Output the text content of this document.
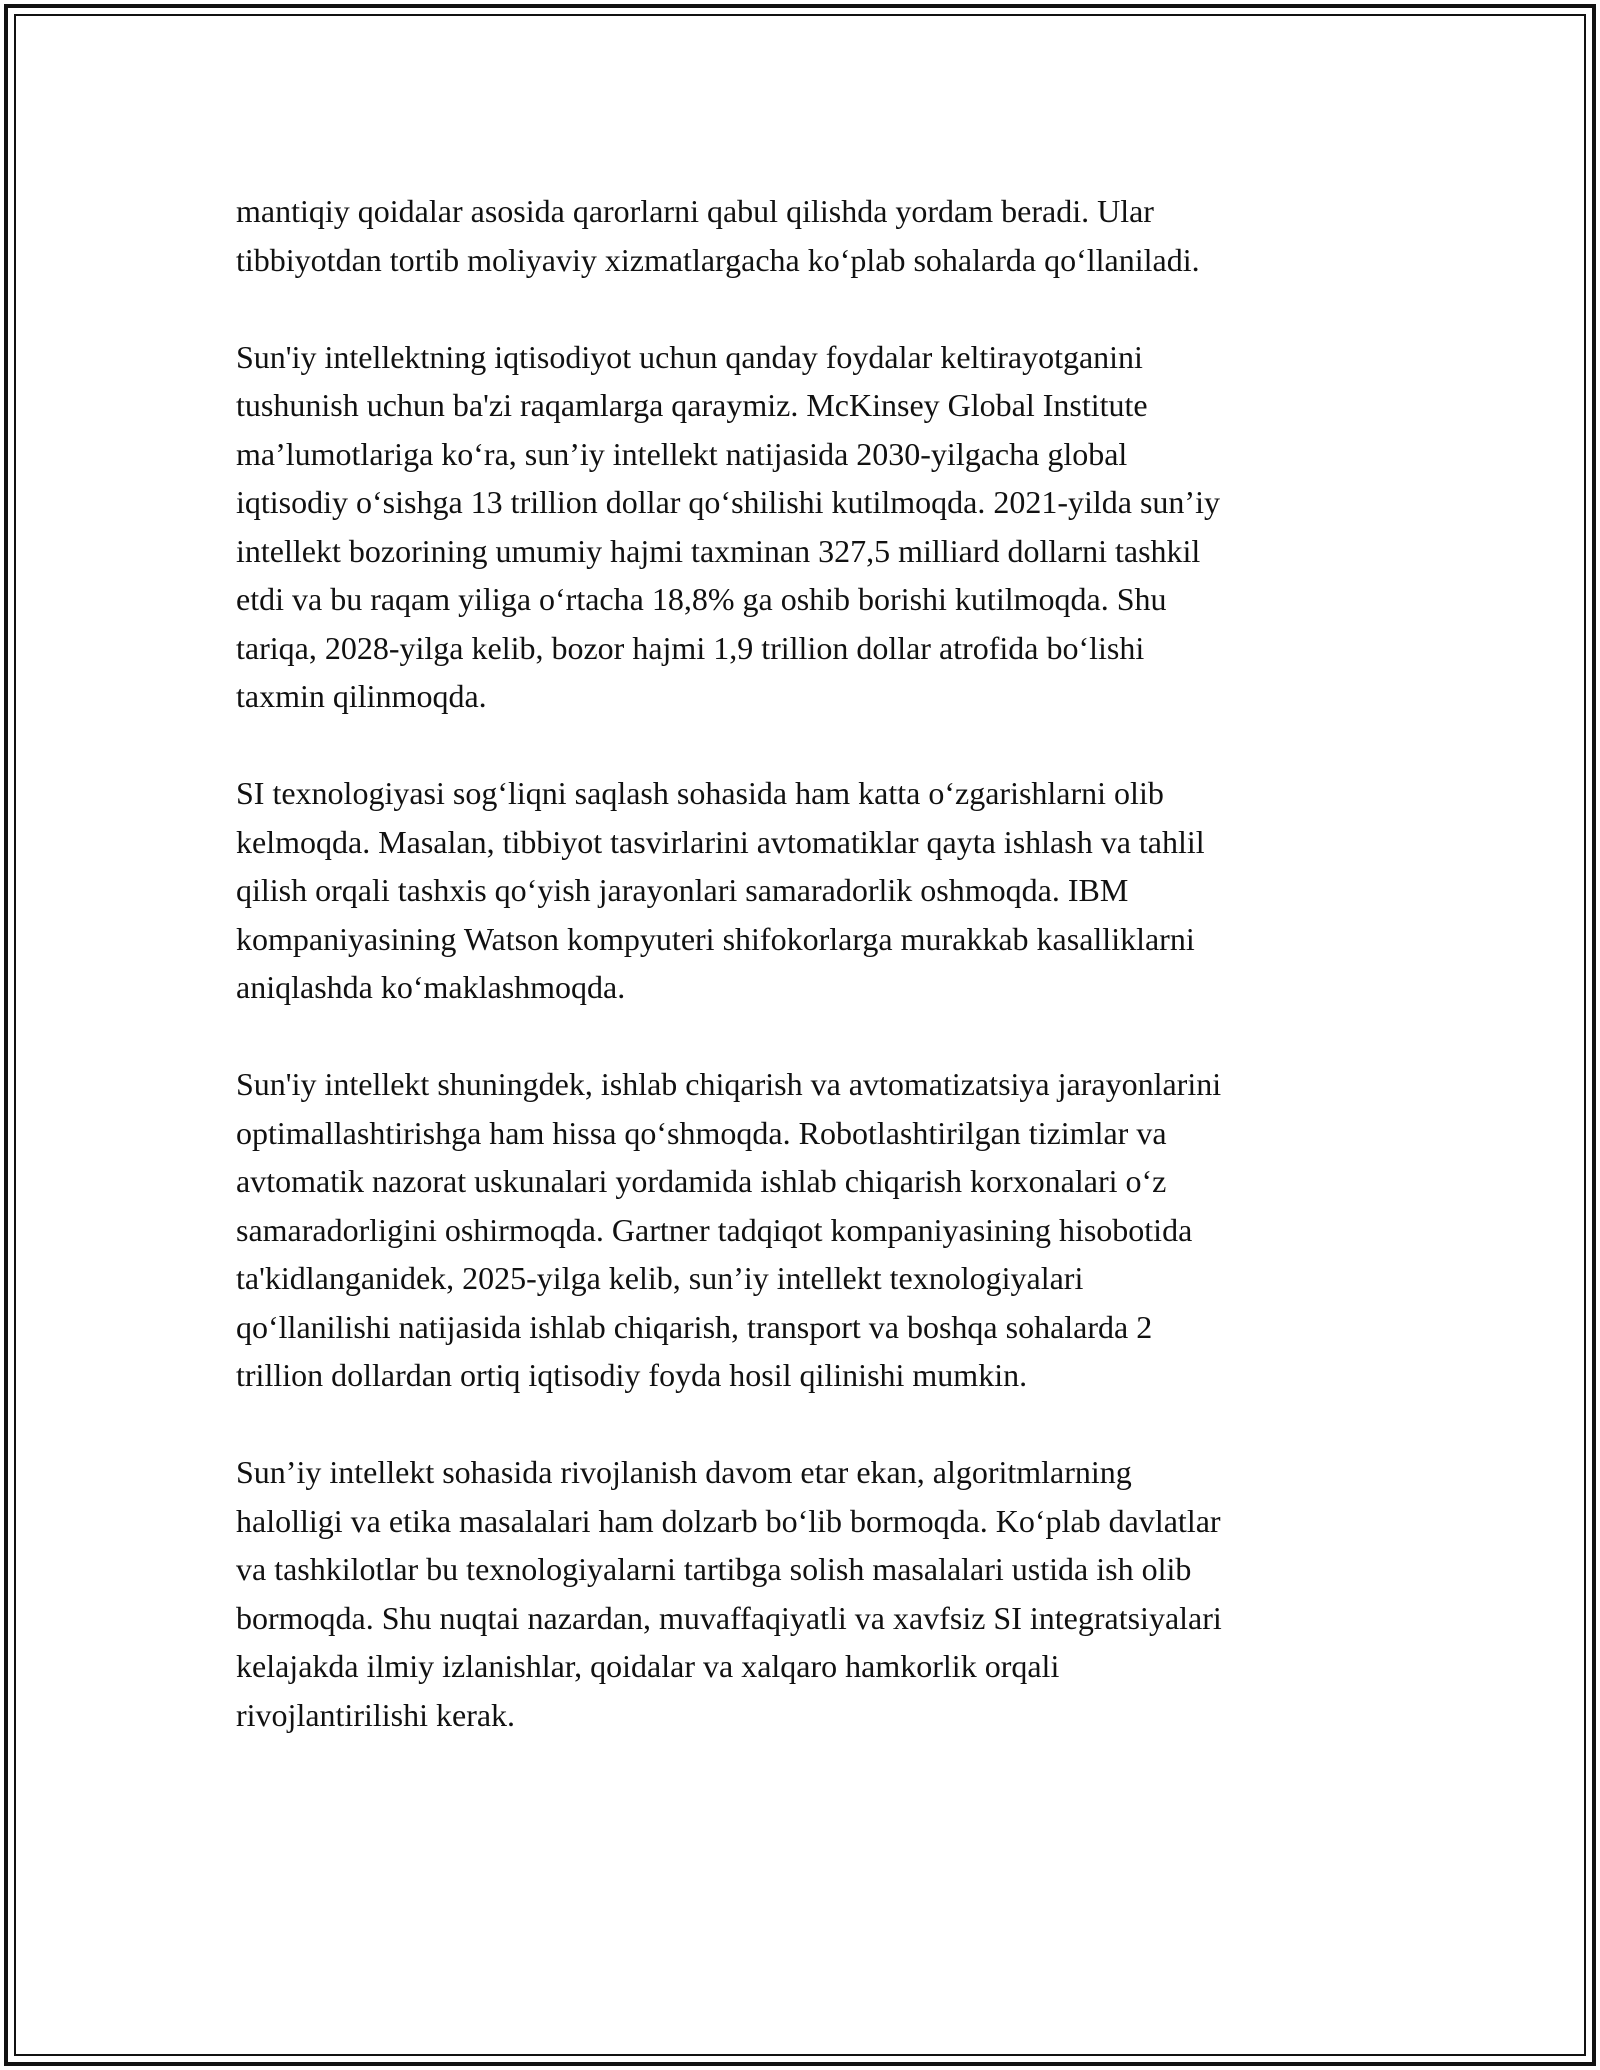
mantiqiy qoidalar asosida qarorlarni qabul qilishda yordam beradi. Ular
tibbiyotdan tortib moliyaviy xizmatlargacha ko‘plab sohalarda qo‘llaniladi.

Sun'iy intellektning iqtisodiyot uchun qanday foydalar keltirayotganini
tushunish uchun ba'zi raqamlarga qaraymiz. McKinsey Global Institute
ma’lumotlariga ko‘ra, sun’iy intellekt natijasida 2030-yilgacha global
iqtisodiy o‘sishga 13 trillion dollar qo‘shilishi kutilmoqda. 2021-yilda sun’iy
intellekt bozorining umumiy hajmi taxminan 327,5 milliard dollarni tashkil
etdi va bu raqam yiliga o‘rtacha 18,8% ga oshib borishi kutilmoqda. Shu
tariqa, 2028-yilga kelib, bozor hajmi 1,9 trillion dollar atrofida bo‘lishi
taxmin qilinmoqda.

SI texnologiyasi sog‘liqni saqlash sohasida ham katta o‘zgarishlarni olib
kelmoqda. Masalan, tibbiyot tasvirlarini avtomatiklar qayta ishlash va tahlil
qilish orqali tashxis qo‘yish jarayonlari samaradorlik oshmoqda. IBM
kompaniyasining Watson kompyuteri shifokorlarga murakkab kasalliklarni
aniqlashda ko‘maklashmoqda.

Sun'iy intellekt shuningdek, ishlab chiqarish va avtomatizatsiya jarayonlarini
optimallashtirishga ham hissa qo‘shmoqda. Robotlashtirilgan tizimlar va
avtomatik nazorat uskunalari yordamida ishlab chiqarish korxonalari o‘z
samaradorligini oshirmoqda. Gartner tadqiqot kompaniyasining hisobotida
ta'kidlanganidek, 2025-yilga kelib, sun’iy intellekt texnologiyalari
qo‘llanilishi natijasida ishlab chiqarish, transport va boshqa sohalarda 2
trillion dollardan ortiq iqtisodiy foyda hosil qilinishi mumkin.

Sun’iy intellekt sohasida rivojlanish davom etar ekan, algoritmlarning
halolligi va etika masalalari ham dolzarb bo‘lib bormoqda. Ko‘plab davlatlar
va tashkilotlar bu texnologiyalarni tartibga solish masalalari ustida ish olib
bormoqda. Shu nuqtai nazardan, muvaffaqiyatli va xavfsiz SI integratsiyalari
kelajakda ilmiy izlanishlar, qoidalar va xalqaro hamkorlik orqali
rivojlantirilishi kerak.
